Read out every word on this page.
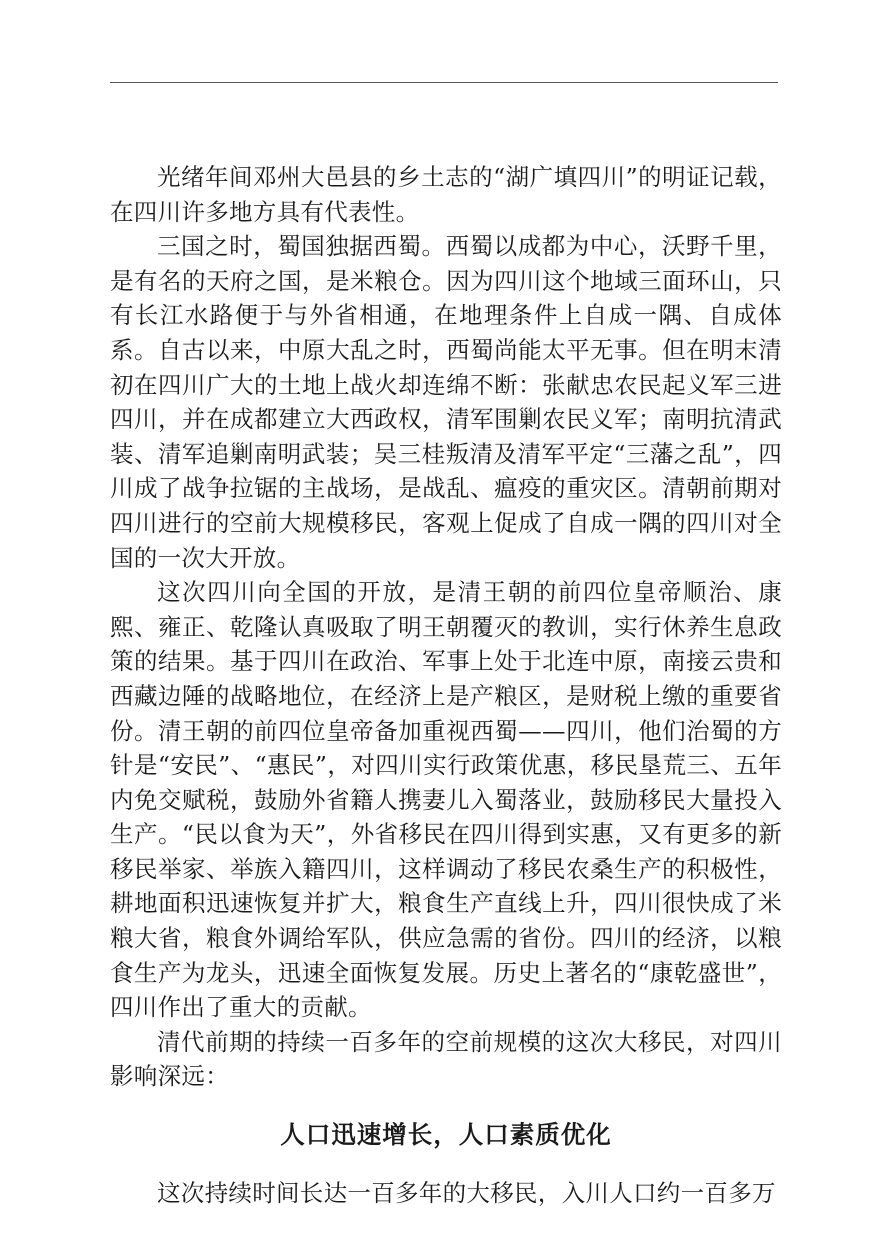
光绪年间邓州大邑县的乡土志的“湖广填四川”的明证记载，在四川许多地方具有代表性。

三国之时，蜀国独据西蜀。西蜀以成都为中心，沃野千里，是有名的天府之国，是米粮仓。因为四川这个地域三面环山，只有长江水路便于与外省相通，在地理条件上自成一隅、自成体系。自古以来，中原大乱之时，西蜀尚能太平无事。但在明末清初在四川广大的土地上战火却连绵不断：张献忠农民起义军三进四川，并在成都建立大西政权，清军围剿农民义军；南明抗清武装、清军追剿南明武装；吴三桂叛清及清军平定“三藩之乱”，四川成了战争拉锯的主战场，是战乱、瘟疫的重灾区。清朝前期对四川进行的空前大规模移民，客观上促成了自成一隅的四川对全国的一次大开放。

这次四川向全国的开放，是清王朝的前四位皇帝顺治、康熙、雍正、乾隆认真吸取了明王朝覆灭的教训，实行休养生息政策的结果。基于四川在政治、军事上处于北连中原，南接云贵和西藏边陲的战略地位，在经济上是产粮区，是财税上缴的重要省份。清王朝的前四位皇帝备加重视西蜀——四川，他们治蜀的方针是“安民”、“惠民”，对四川实行政策优惠，移民垦荒三、五年内免交赋税，鼓励外省籍人携妻儿入蜀落业，鼓励移民大量投入生产。“民以食为天”，外省移民在四川得到实惠，又有更多的新移民举家、举族入籍四川，这样调动了移民农桑生产的积极性，耕地面积迅速恢复并扩大，粮食生产直线上升，四川很快成了米粮大省，粮食外调给军队，供应急需的省份。四川的经济，以粮食生产为龙头，迅速全面恢复发展。历史上著名的“康乾盛世”，四川作出了重大的贡献。

清代前期的持续一百多年的空前规模的这次大移民，对四川影响深远：

人口迅速增长，人口素质优化

这次持续时间长达一百多年的大移民，入川人口约一百多万
